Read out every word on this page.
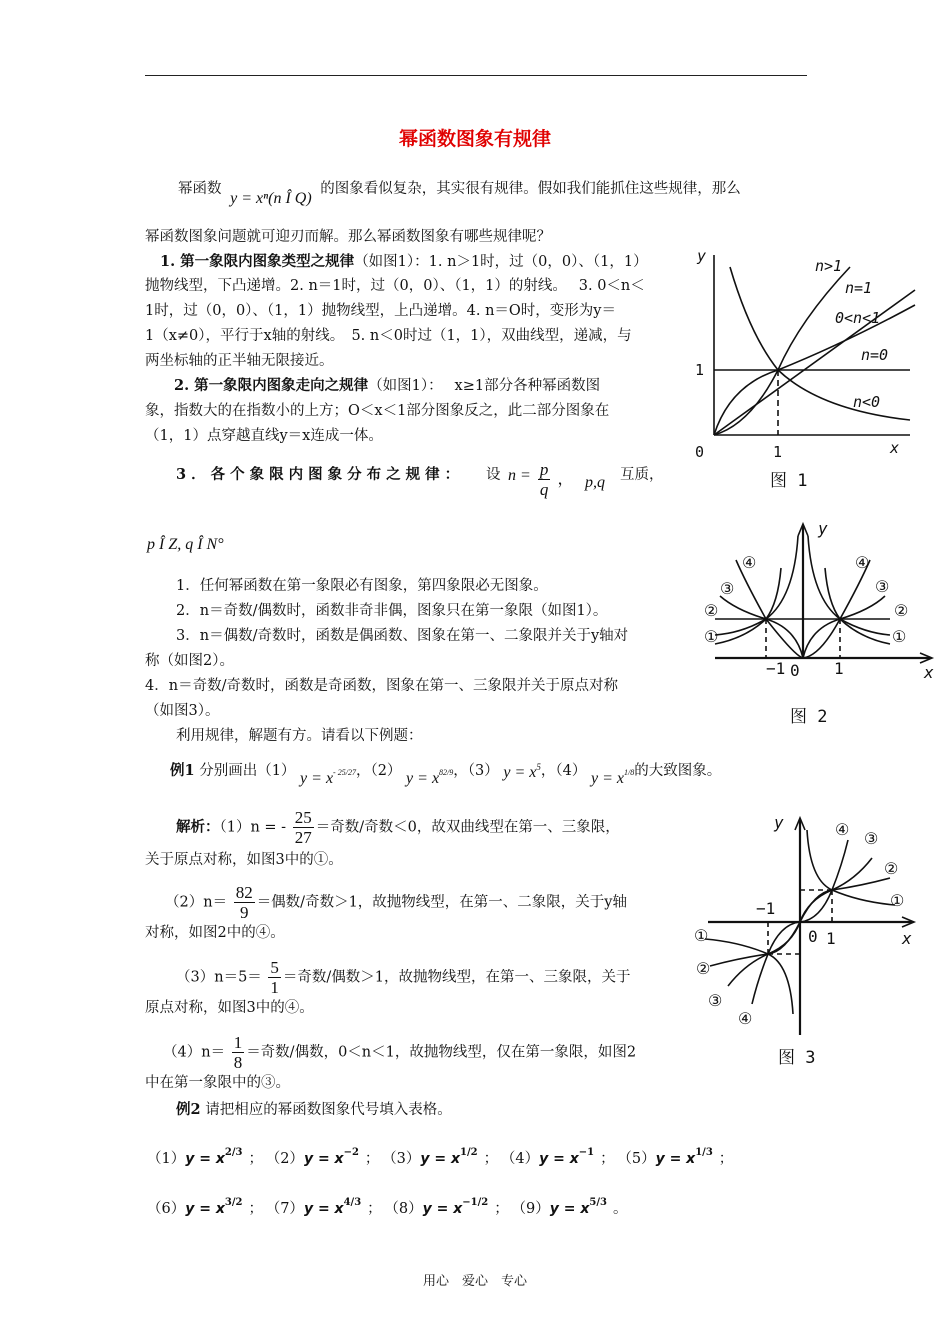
幂函数图象有规律
幂函数 y = xⁿ(n Î Q) 的图象看似复杂，其实很有规律。假如我们能抓住这些规律，那么
幂函数图象问题就可迎刃而解。那么幂函数图象有哪些规律呢？
1. 第一象限内图象类型之规律（如图1）：1. n＞1时，过（0，0）、（1，1）
抛物线型，下凸递增。2. n＝1时，过（0，0）、（1，1）的射线。　 3. 0＜n＜
1时，过（0，0）、（1，1）抛物线型，上凸递增。4. n＝O时，变形为y＝
1（x≠0），平行于x轴的射线。　5. n＜0时过（1，1），双曲线型，递减，与
两坐标轴的正半轴无限接近。
2. 第一象限内图象走向之规律（如图1）：　 x≥1部分各种幂函数图
象，指数大的在指数小的上方；O＜x＜1部分图象反之，此二部分图象在
（1，1）点穿越直线y＝x连成一体。
3．各个象限内图象分布之规律： 设 $n = \frac{p}{q}$ ， p,q 互质，
p Î Z, q Î N°
1．任何幂函数在第一象限必有图象，第四象限必无图象。
2．n＝奇数/偶数时，函数非奇非偶，图象只在第一象限（如图1）。
3．n＝偶数/奇数时，函数是偶函数、图象在第一、二象限并关于y轴对
称（如图2）。
4．n＝奇数/奇数时，函数是奇函数，图象在第一、三象限并关于原点对称
（如图3）。
利用规律，解题有方。请看以下例题：
例1 分别画出（1） $y = x^{- 25/27}$，（2） $y = x^{82/9}$，（3） $y = x^5$，（4） $y = x^{1/8}$的大致图象。
解析：（1）n = - $\frac{25}{27}$ ＝奇数/奇数＜0，故双曲线型在第一、三象限，
关于原点对称，如图3中的①。
$(2)n= \frac{82}{9}$ ＝偶数/奇数＞1，故抛物线型，在第一、二象限，关于y轴
对称，如图2中的④。
$(3)n=5= \frac{5}{1}$ ＝奇数/偶数＞1，故抛物线型，在第一、三象限，关于
原点对称，如图3中的④。
$(4)n= \frac{1}{8}$ ＝奇数/偶数，0＜n＜1，故抛物线型，仅在第一象限，如图2
中在第一象限中的③。
例2 请把相应的幂函数图象代号填入表格。
$(1)y = x^{2/3}$ ； $(2)y = x^{-2}$ ； $(3)y = x^{1/2}$ ； $(4)y = x^{-1}$ ； $(5)y = x^{1/3}$ ；
$(6)y = x^{3/2}$ ； $(7)y = x^{4/3}$ ； $(8)y = x^{-1/2}$ ； $(9)y = x^{5/3}$ 。
y
0	1
1
x
n>1
n=1
0<n<1
n=0
n<0
图 1
y
x
−1 0 1
④
③
②
①
④
③
②
①
图 2
y
x
−1
0 1
④ ③
②
①
①
②
③
④
图 3
用心　爱心　专心
